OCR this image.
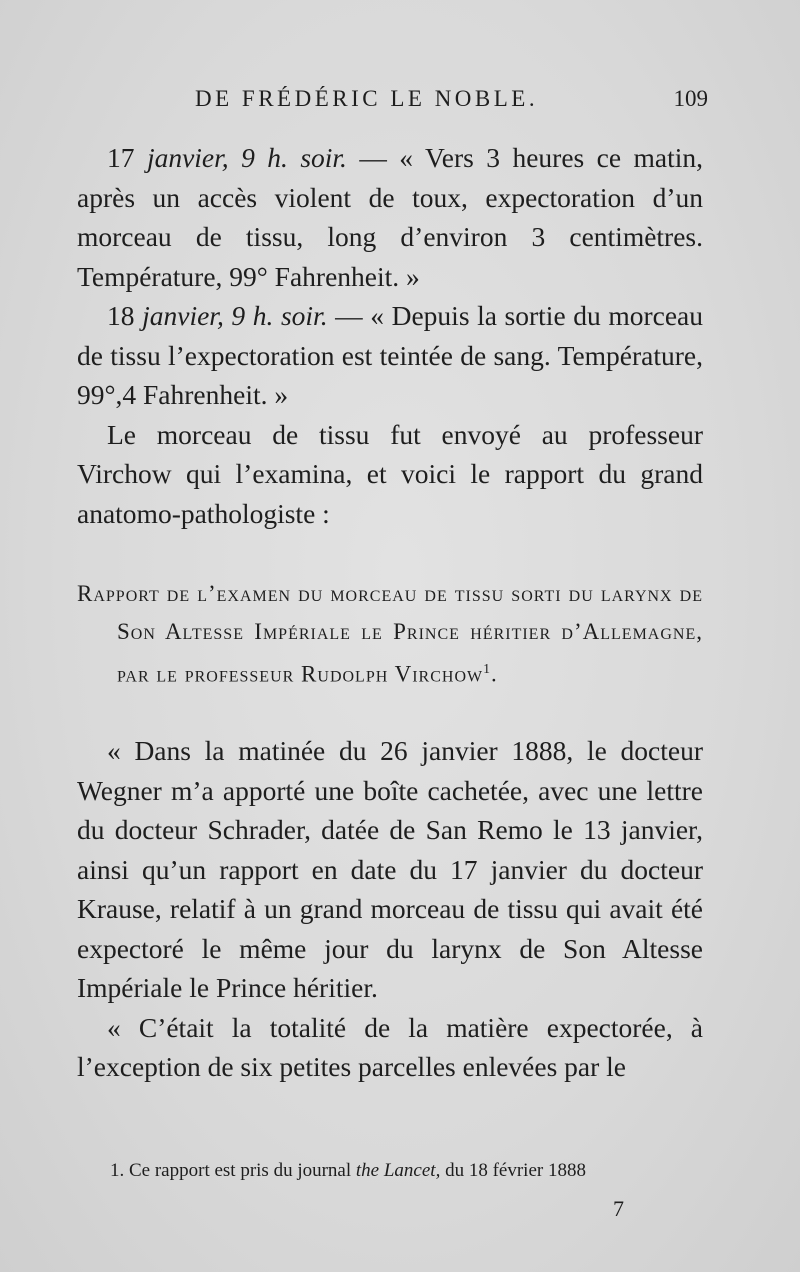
DE FRÉDÉRIC LE NOBLE.	109

17 janvier, 9 h. soir. — « Vers 3 heures ce matin, après un accès violent de toux, expectoration d’un morceau de tissu, long d’environ 3 centimètres. Température, 99° Fahrenheit. »

18 janvier, 9 h. soir. — « Depuis la sortie du morceau de tissu l’expectoration est teintée de sang. Température, 99°,4 Fahrenheit. »

Le morceau de tissu fut envoyé au professeur Virchow qui l’examina, et voici le rapport du grand anatomo-pathologiste :

Rapport de l’examen du morceau de tissu sorti du larynx de Son Altesse Impériale le Prince héritier d’Allemagne, par le professeur Rudolph Virchow$^1$.

« Dans la matinée du 26 janvier 1888, le docteur Wegner m’a apporté une boîte cachetée, avec une lettre du docteur Schrader, datée de San Remo le 13 janvier, ainsi qu’un rapport en date du 17 janvier du docteur Krause, relatif à un grand morceau de tissu qui avait été expectoré le même jour du larynx de Son Altesse Impériale le Prince héritier.

« C’était la totalité de la matière expectorée, à l’exception de six petites parcelles enlevées par le

1. Ce rapport est pris du journal the Lancet, du 18 février 1888
7
